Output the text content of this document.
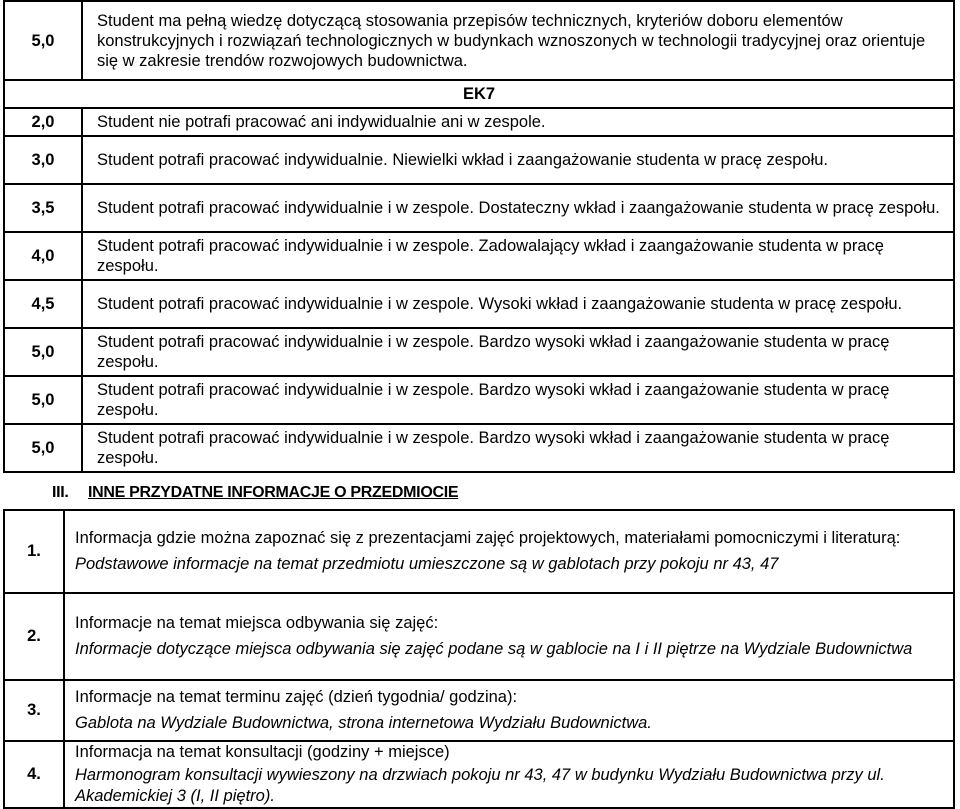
5,0	Student ma pełną wiedzę dotyczącą stosowania przepisów technicznych, kryteriów doboru elementów konstrukcyjnych i rozwiązań technologicznych w budynkach wznoszonych w technologii tradycyjnej oraz orientuje się w zakresie trendów rozwojowych budownictwa.
EK7	
2,0	Student nie potrafi pracować ani indywidualnie ani w zespole.
3,0	Student potrafi pracować indywidualnie. Niewielki wkład i zaangażowanie studenta w pracę zespołu.
3,5	Student potrafi pracować indywidualnie i w zespole. Dostateczny wkład i zaangażowanie studenta w pracę zespołu.
4,0	Student potrafi pracować indywidualnie i w zespole. Zadowalający wkład i zaangażowanie studenta w pracę zespołu.
4,5	Student potrafi pracować indywidualnie i w zespole. Wysoki wkład i zaangażowanie studenta w pracę zespołu.
5,0	Student potrafi pracować indywidualnie i w zespole. Bardzo wysoki wkład i zaangażowanie studenta w pracę zespołu.
5,0	Student potrafi pracować indywidualnie i w zespole. Bardzo wysoki wkład i zaangażowanie studenta w pracę zespołu.
5,0	Student potrafi pracować indywidualnie i w zespole. Bardzo wysoki wkład i zaangażowanie studenta w pracę zespołu.
III. INNE PRZYDATNE INFORMACJE O PRZEDMIOCIE
1.	Informacja gdzie można zapoznać się z prezentacjami zajęć projektowych, materiałami pomocniczymi i literaturą:
Podstawowe informacje na temat przedmiotu umieszczone są w gablotach przy pokoju nr 43, 47

2.	Informacje na temat miejsca odbywania się zajęć:
Informacje dotyczące miejsca odbywania się zajęć podane są w gablocie na I i II piętrze na Wydziale Budownictwa

3.	Informacje na temat terminu zajęć (dzień tygodnia/ godzina):
Gablota na Wydziale Budownictwa, strona internetowa Wydziału Budownictwa.

4.	Informacja na temat konsultacji (godziny + miejsce)
Harmonogram konsultacji wywieszony na drzwiach pokoju nr 43, 47 w budynku Wydziału Budownictwa przy ul. Akademickiej 3 (I, II piętro).
